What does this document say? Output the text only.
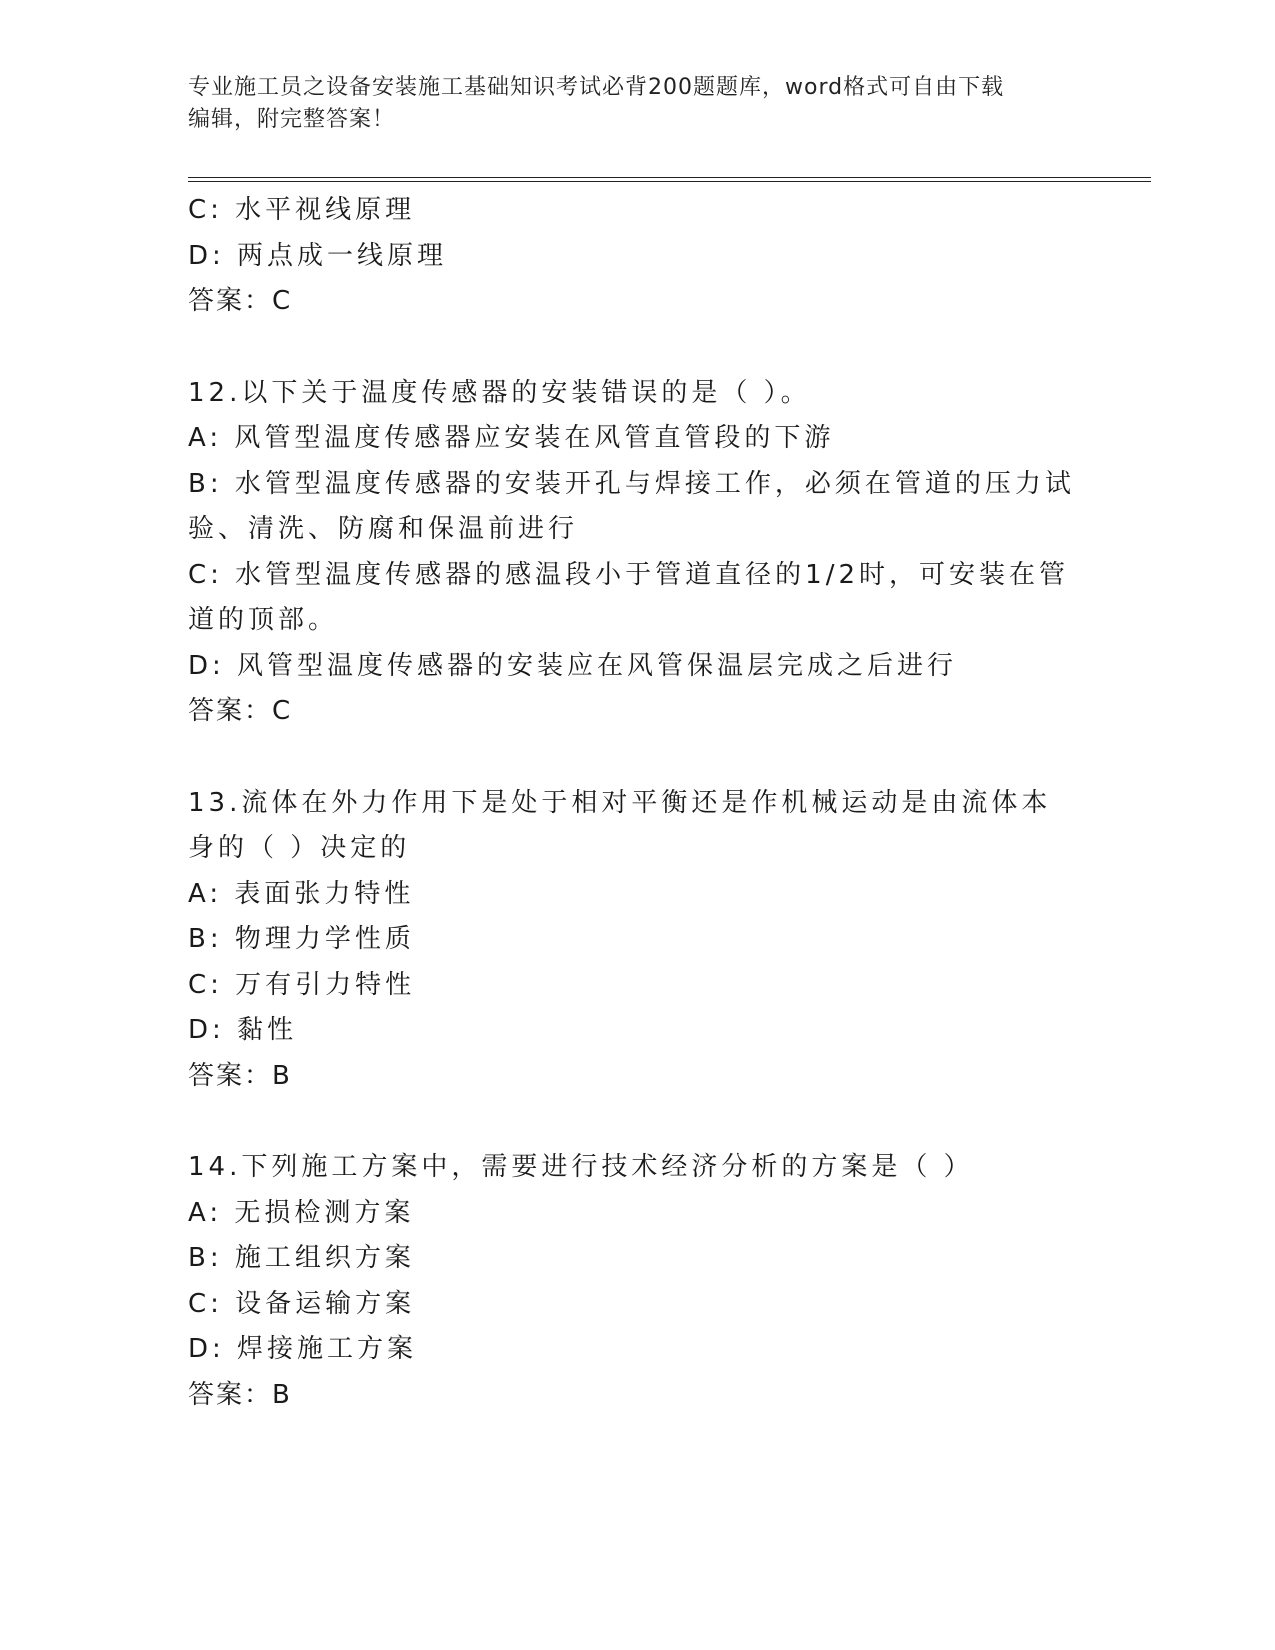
专业施工员之设备安装施工基础知识考试必背200题题库，word格式可自由下载
编辑，附完整答案！
C: 水平视线原理
D: 两点成一线原理
答案：C
12.以下关于温度传感器的安装错误的是（ ）。
A: 风管型温度传感器应安装在风管直管段的下游
B: 水管型温度传感器的安装开孔与焊接工作，必须在管道的压力试验、清洗、防腐和保温前进行
C: 水管型温度传感器的感温段小于管道直径的1/2时，可安装在管道的顶部。
D: 风管型温度传感器的安装应在风管保温层完成之后进行
答案：C
13.流体在外力作用下是处于相对平衡还是作机械运动是由流体本身的（ ）决定的
A: 表面张力特性
B: 物理力学性质
C: 万有引力特性
D: 黏性
答案：B
14.下列施工方案中，需要进行技术经济分析的方案是（ ）
A: 无损检测方案
B: 施工组织方案
C: 设备运输方案
D: 焊接施工方案
答案：B
